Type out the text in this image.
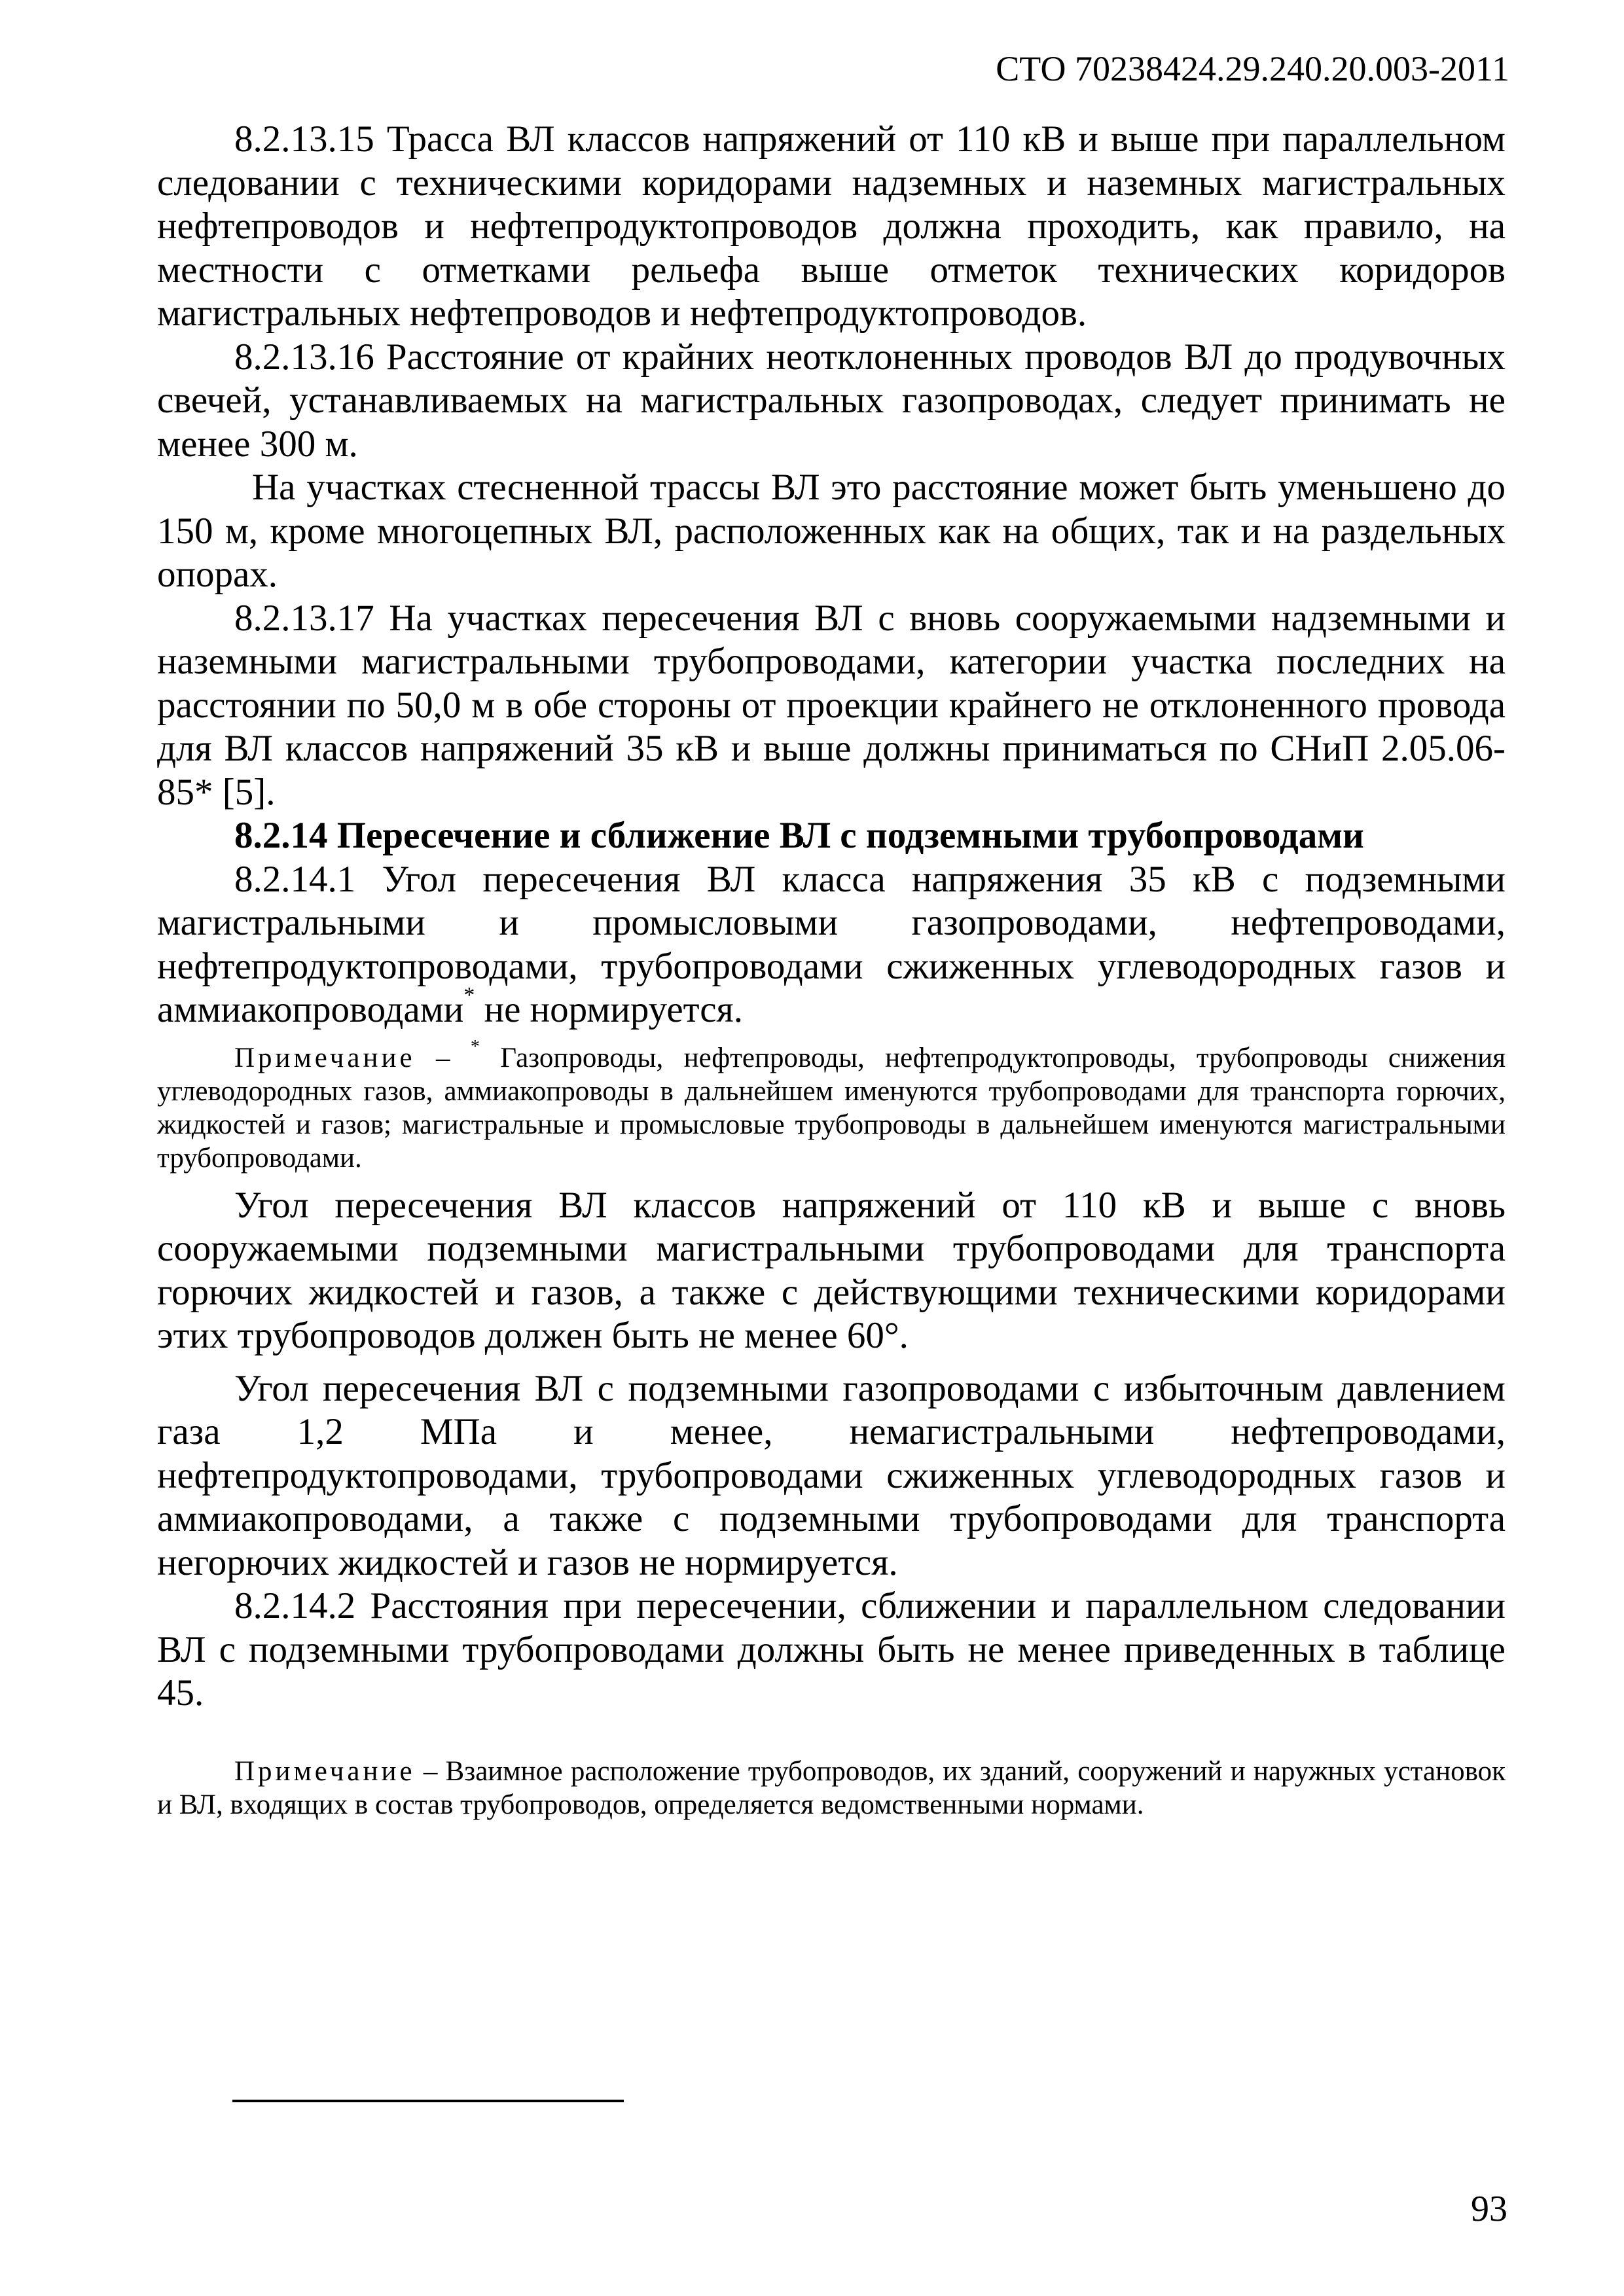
СТО 70238424.29.240.20.003-2011

8.2.13.15 Трасса ВЛ классов напряжений от 110 кВ и выше при параллельном следовании с техническими коридорами надземных и наземных магистральных нефтепроводов и нефтепродуктопроводов должна проходить, как правило, на местности с отметками рельефа выше отметок технических коридоров магистральных нефтепроводов и нефтепродуктопроводов.

8.2.13.16 Расстояние от крайних неотклоненных проводов ВЛ до продувочных свечей, устанавливаемых на магистральных газопроводах, следует принимать не менее 300 м.

На участках стесненной трассы ВЛ это расстояние может быть уменьшено до 150 м, кроме многоцепных ВЛ, расположенных как на общих, так и на раздельных опорах.

8.2.13.17 На участках пересечения ВЛ с вновь сооружаемыми надземными и наземными магистральными трубопроводами, категории участка последних на расстоянии по 50,0 м в обе стороны от проекции крайнего не отклоненного провода для ВЛ классов напряжений 35 кВ и выше должны приниматься по СНиП 2.05.06-85* [5].

8.2.14 Пересечение и сближение ВЛ с подземными трубопроводами

8.2.14.1 Угол пересечения ВЛ класса напряжения 35 кВ с подземными магистральными и промысловыми газопроводами, нефтепроводами, нефтепродуктопроводами, трубопроводами сжиженных углеводородных газов и аммиакопроводами* не нормируется.

Примечание – * Газопроводы, нефтепроводы, нефтепродуктопроводы, трубопроводы снижения углеводородных газов, аммиакопроводы в дальнейшем именуются трубопроводами для транспорта горючих, жидкостей и газов; магистральные и промысловые трубопроводы в дальнейшем именуются магистральными трубопроводами.

Угол пересечения ВЛ классов напряжений от 110 кВ и выше с вновь сооружаемыми подземными магистральными трубопроводами для транспорта горючих жидкостей и газов, а также с действующими техническими коридорами этих трубопроводов должен быть не менее 60°.

Угол пересечения ВЛ с подземными газопроводами с избыточным давлением газа 1,2 МПа и менее, немагистральными нефтепроводами, нефтепродуктопроводами, трубопроводами сжиженных углеводородных газов и аммиакопроводами, а также с подземными трубопроводами для транспорта негорючих жидкостей и газов не нормируется.

8.2.14.2 Расстояния при пересечении, сближении и параллельном следовании ВЛ с подземными трубопроводами должны быть не менее приведенных в таблице 45.

Примечание – Взаимное расположение трубопроводов, их зданий, сооружений и наружных установок и ВЛ, входящих в состав трубопроводов, определяется ведомственными нормами.

93
